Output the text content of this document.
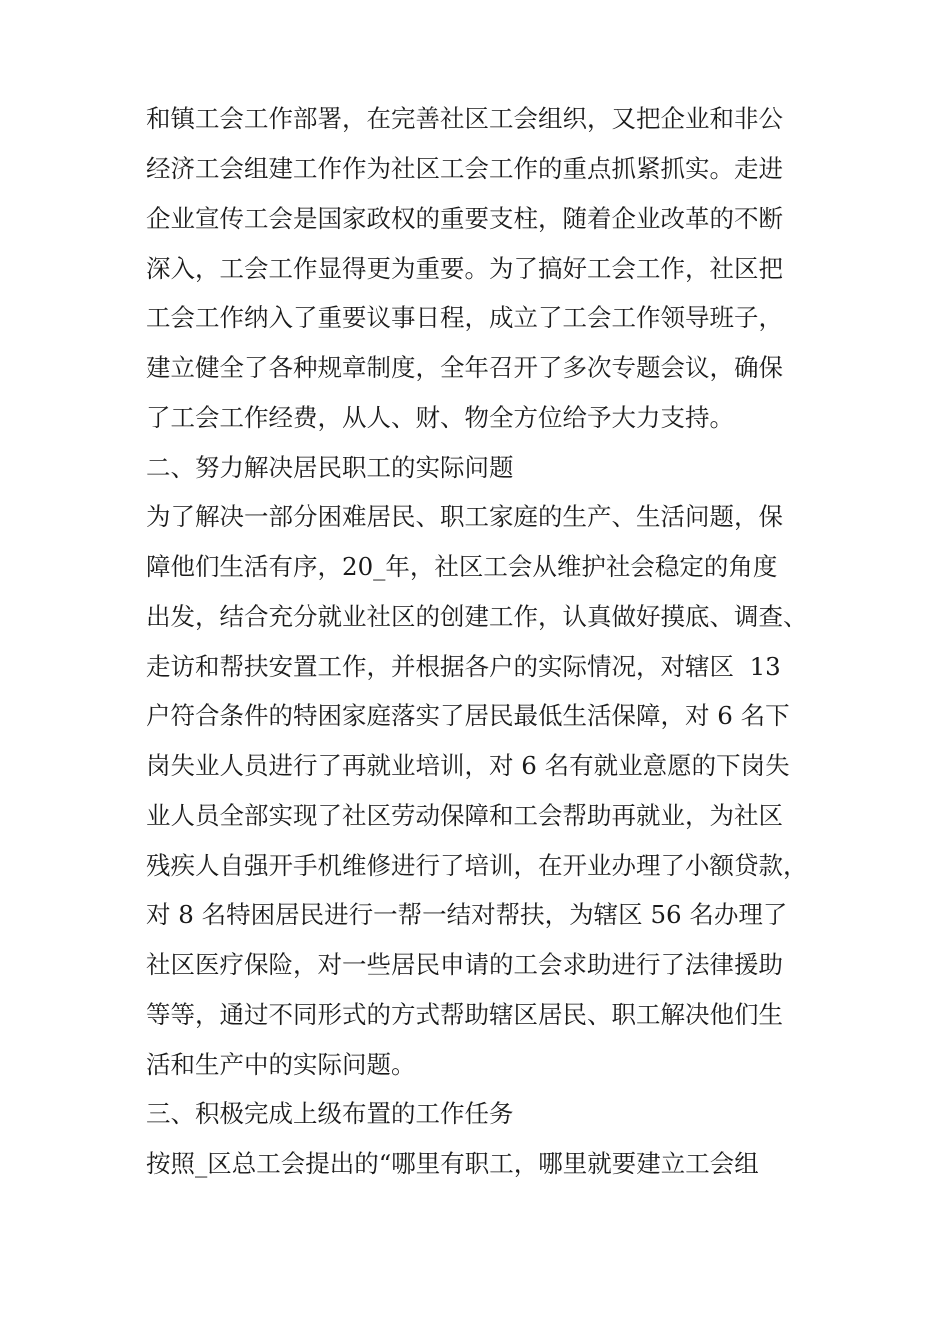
和镇工会工作部署，在完善社区工会组织，又把企业和非公

经济工会组建工作作为社区工会工作的重点抓紧抓实。走进

企业宣传工会是国家政权的重要支柱，随着企业改革的不断

深入，工会工作显得更为重要。为了搞好工会工作，社区把

工会工作纳入了重要议事日程，成立了工会工作领导班子，

建立健全了各种规章制度，全年召开了多次专题会议，确保

了工会工作经费，从人、财、物全方位给予大力支持。

二、努力解决居民职工的实际问题

为了解决一部分困难居民、职工家庭的生产、生活问题，保

障他们生活有序，20_年，社区工会从维护社会稳定的角度

出发，结合充分就业社区的创建工作，认真做好摸底、调查、

走访和帮扶安置工作，并根据各户的实际情况，对辖区  13

户符合条件的特困家庭落实了居民最低生活保障，对 6 名下

岗失业人员进行了再就业培训，对 6 名有就业意愿的下岗失

业人员全部实现了社区劳动保障和工会帮助再就业，为社区

残疾人自强开手机维修进行了培训，在开业办理了小额贷款，

对 8 名特困居民进行一帮一结对帮扶，为辖区 56 名办理了

社区医疗保险，对一些居民申请的工会求助进行了法律援助

等等，通过不同形式的方式帮助辖区居民、职工解决他们生

活和生产中的实际问题。

三、积极完成上级布置的工作任务

按照_区总工会提出的“哪里有职工，哪里就要建立工会组
